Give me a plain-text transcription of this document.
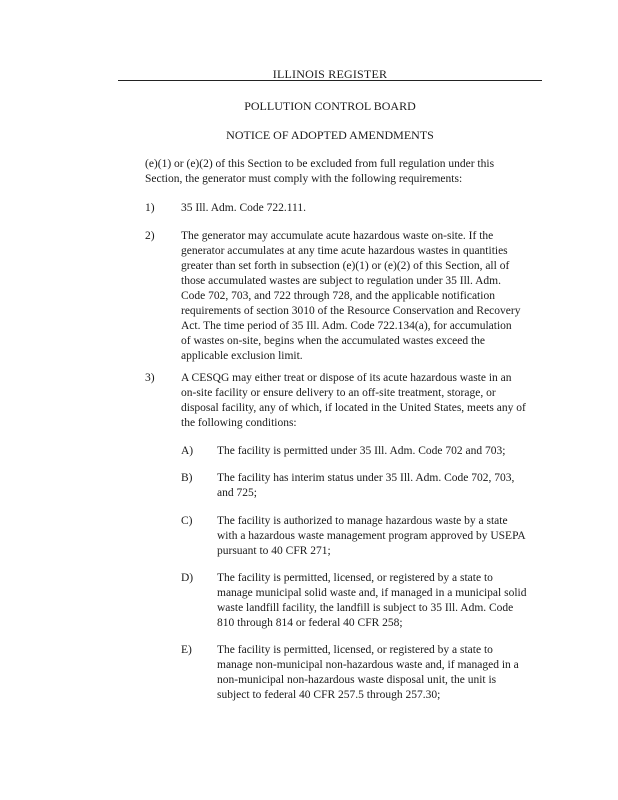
ILLINOIS REGISTER
POLLUTION CONTROL BOARD
NOTICE OF ADOPTED AMENDMENTS
(e)(1) or (e)(2) of this Section to be excluded from full regulation under this
Section, the generator must comply with the following requirements:
1) 35 Ill. Adm. Code 722.111.
2) The generator may accumulate acute hazardous waste on-site. If the
generator accumulates at any time acute hazardous wastes in quantities
greater than set forth in subsection (e)(1) or (e)(2) of this Section, all of
those accumulated wastes are subject to regulation under 35 Ill. Adm.
Code 702, 703, and 722 through 728, and the applicable notification
requirements of section 3010 of the Resource Conservation and Recovery
Act. The time period of 35 Ill. Adm. Code 722.134(a), for accumulation
of wastes on-site, begins when the accumulated wastes exceed the
applicable exclusion limit.
3) A CESQG may either treat or dispose of its acute hazardous waste in an
on-site facility or ensure delivery to an off-site treatment, storage, or
disposal facility, any of which, if located in the United States, meets any of
the following conditions:
A) The facility is permitted under 35 Ill. Adm. Code 702 and 703;
B) The facility has interim status under 35 Ill. Adm. Code 702, 703,
and 725;
C) The facility is authorized to manage hazardous waste by a state
with a hazardous waste management program approved by USEPA
pursuant to 40 CFR 271;
D) The facility is permitted, licensed, or registered by a state to
manage municipal solid waste and, if managed in a municipal solid
waste landfill facility, the landfill is subject to 35 Ill. Adm. Code
810 through 814 or federal 40 CFR 258;
E) The facility is permitted, licensed, or registered by a state to
manage non-municipal non-hazardous waste and, if managed in a
non-municipal non-hazardous waste disposal unit, the unit is
subject to federal 40 CFR 257.5 through 257.30;
